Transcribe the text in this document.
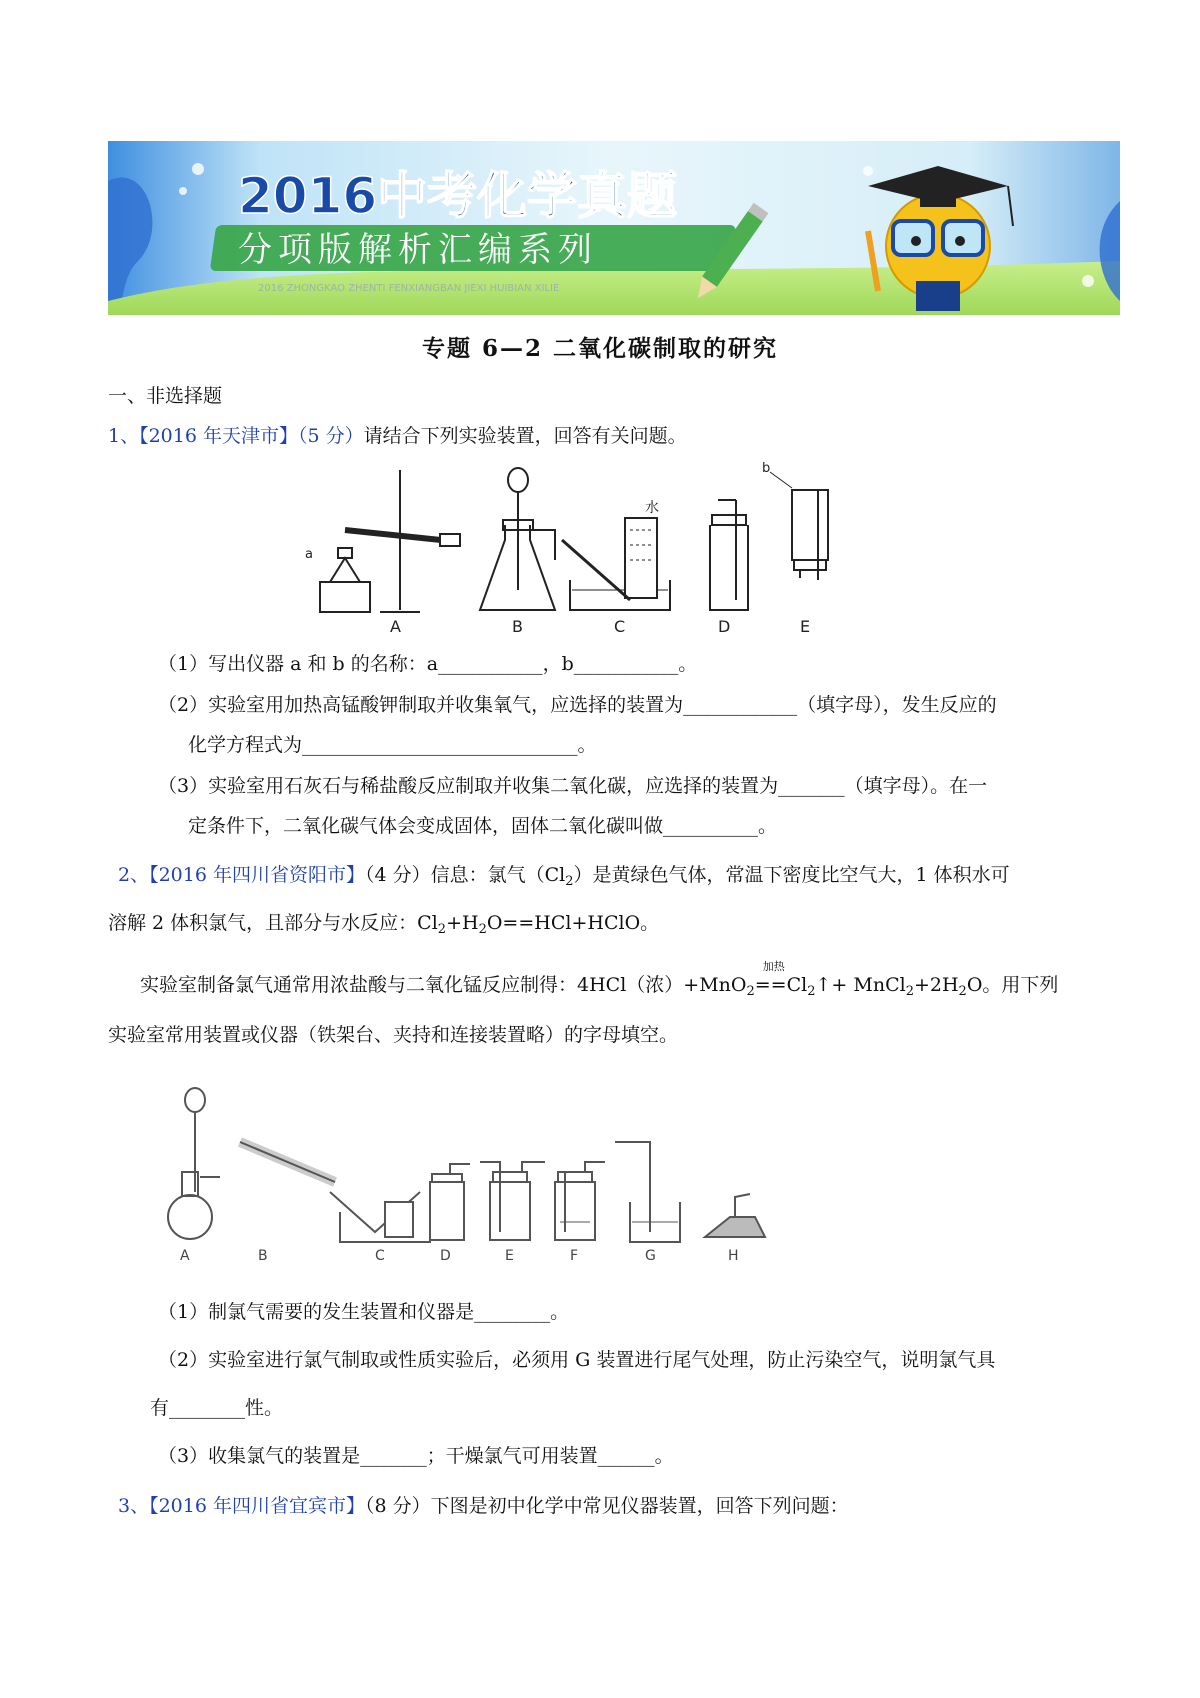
2016中考化学真题
分项版解析汇编系列
2016 ZHONGKAO ZHENTI FENXIANGBAN JIEXI HUIBIAN XILIE
专题 6—2 二氧化碳制取的研究
一、非选择题
1、【2016 年天津市】（5 分）请结合下列实验装置，回答有关问题。
a
A	B
水
C	D
b
E
（1）写出仪器 a 和 b 的名称：a___________，b___________。
（2）实验室用加热高锰酸钾制取并收集氧气，应选择的装置为____________（填字母），发生反应的
化学方程式为_____________________________。
（3）实验室用石灰石与稀盐酸反应制取并收集二氧化碳，应选择的装置为_______（填字母）。在一
定条件下，二氧化碳气体会变成固体，固体二氧化碳叫做__________。
2、【2016 年四川省资阳市】（4 分）信息：氯气$(Cl_2)$是黄绿色气体，常温下密度比空气大，1 体积水可
溶解 2 体积氯气，且部分与水反应：$Cl_2+H_2O==HCl+HClO$。
实验室制备氯气通常用浓盐酸与二氧化锰反应制得：4HCl（浓）+MnO$_2$
加热
$==Cl_2↑+$ $MnCl_2+2H_2O$。用下列
实验室常用装置或仪器（铁架台、夹持和连接装置略）的字母填空。
A	B	C	D	E	F	G	H
（1）制氯气需要的发生装置和仪器是________。
（2）实验室进行氯气制取或性质实验后，必须用 G 装置进行尾气处理，防止污染空气，说明氯气具
有________性。
（3）收集氯气的装置是_______；干燥氯气可用装置______。
3、【2016 年四川省宜宾市】（8 分）下图是初中化学中常见仪器装置，回答下列问题：
